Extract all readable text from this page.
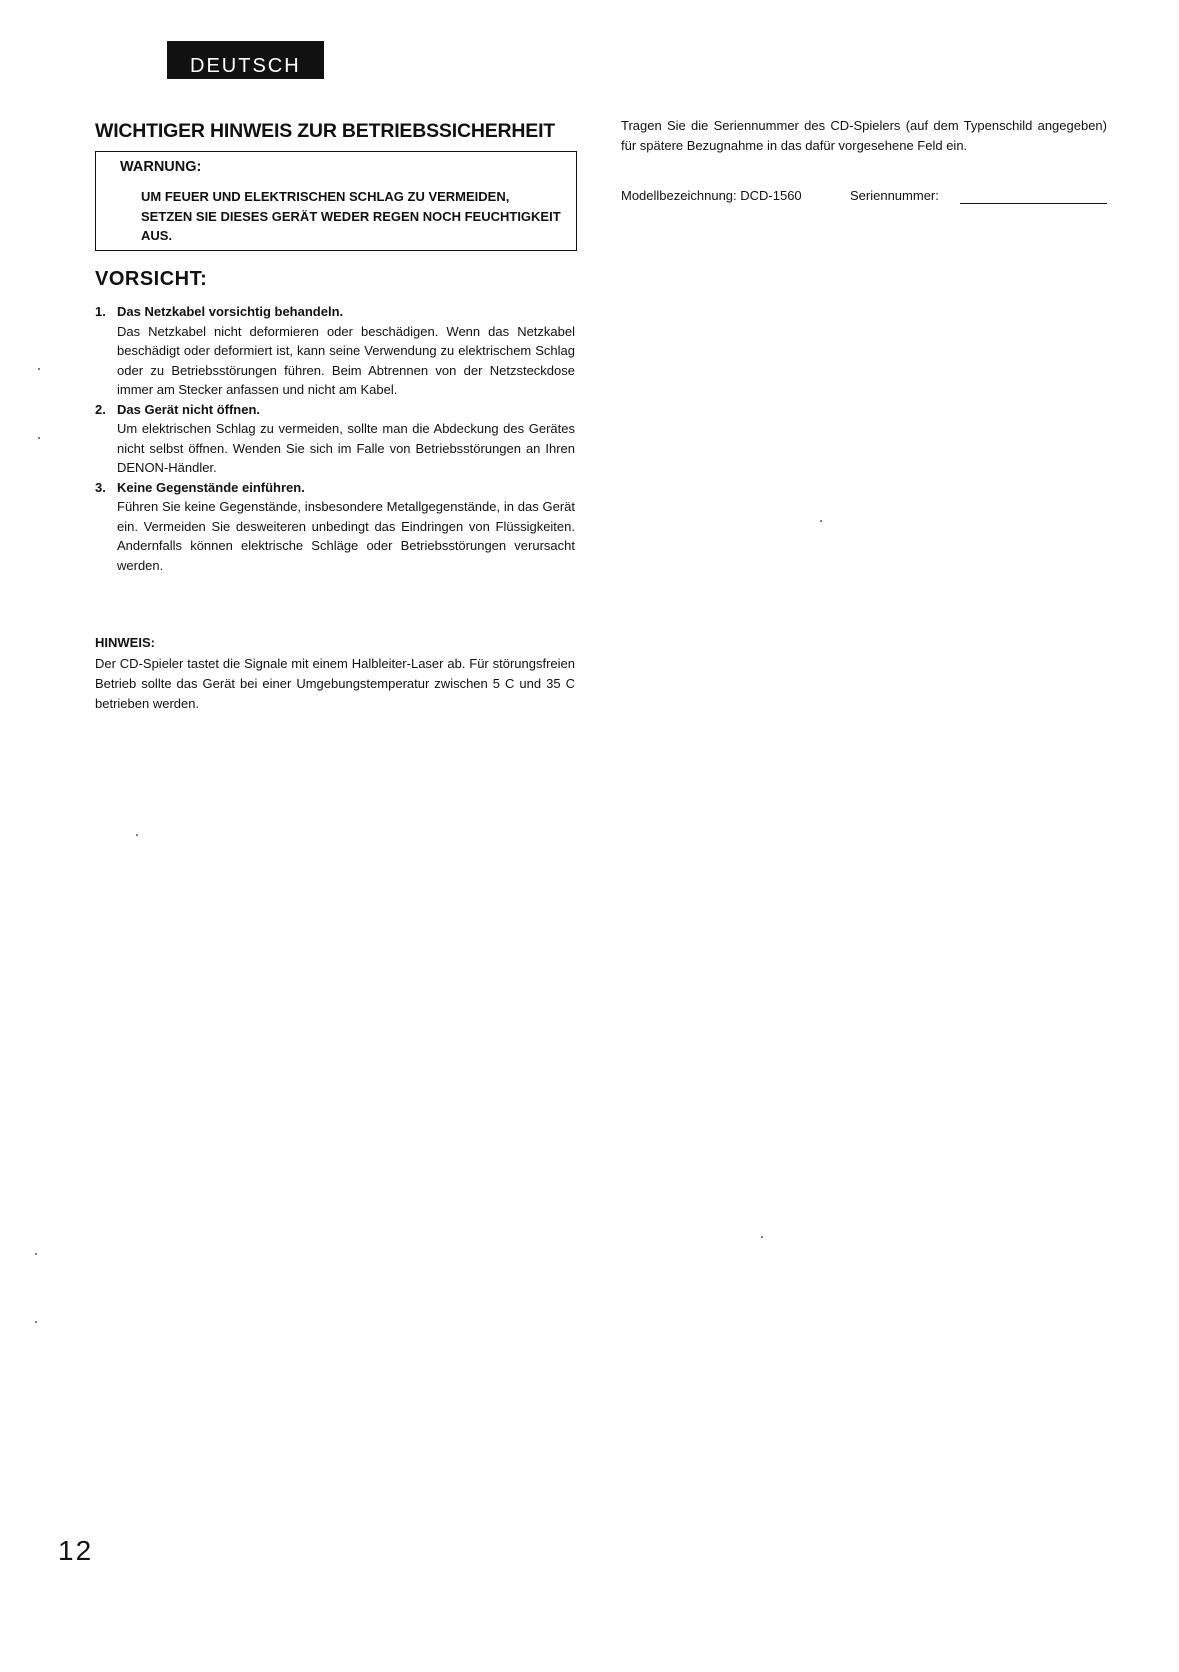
DEUTSCH
WICHTIGER HINWEIS ZUR BETRIEBSSICHERHEIT
WARNUNG:
UM FEUER UND ELEKTRISCHEN SCHLAG ZU VERMEIDEN, SETZEN SIE DIESES GERÄT WEDER REGEN NOCH FEUCHTIGKEIT AUS.
VORSICHT:
1. Das Netzkabel vorsichtig behandeln.
Das Netzkabel nicht deformieren oder beschädigen. Wenn das Netzkabel beschädigt oder deformiert ist, kann seine Verwendung zu elektrischem Schlag oder zu Betriebsstörungen führen. Beim Abtrennen von der Netzsteckdose immer am Stecker anfassen und nicht am Kabel.
2. Das Gerät nicht öffnen.
Um elektrischen Schlag zu vermeiden, sollte man die Abdeckung des Gerätes nicht selbst öffnen. Wenden Sie sich im Falle von Betriebsstörungen an Ihren DENON-Händler.
3. Keine Gegenstände einführen.
Führen Sie keine Gegenstände, insbesondere Metallgegenstände, in das Gerät ein. Vermeiden Sie desweiteren unbedingt das Eindringen von Flüssigkeiten. Andernfalls können elektrische Schläge oder Betriebsstörungen verursacht werden.
HINWEIS:
Der CD-Spieler tastet die Signale mit einem Halbleiter-Laser ab. Für störungsfreien Betrieb sollte das Gerät bei einer Umgebungstemperatur zwischen 5 C und 35 C betrieben werden.
Tragen Sie die Seriennummer des CD-Spielers (auf dem Typenschild angegeben) für spätere Bezugnahme in das dafür vorgesehene Feld ein.
Modellbezeichnung: DCD-1560	Seriennummer:
12
